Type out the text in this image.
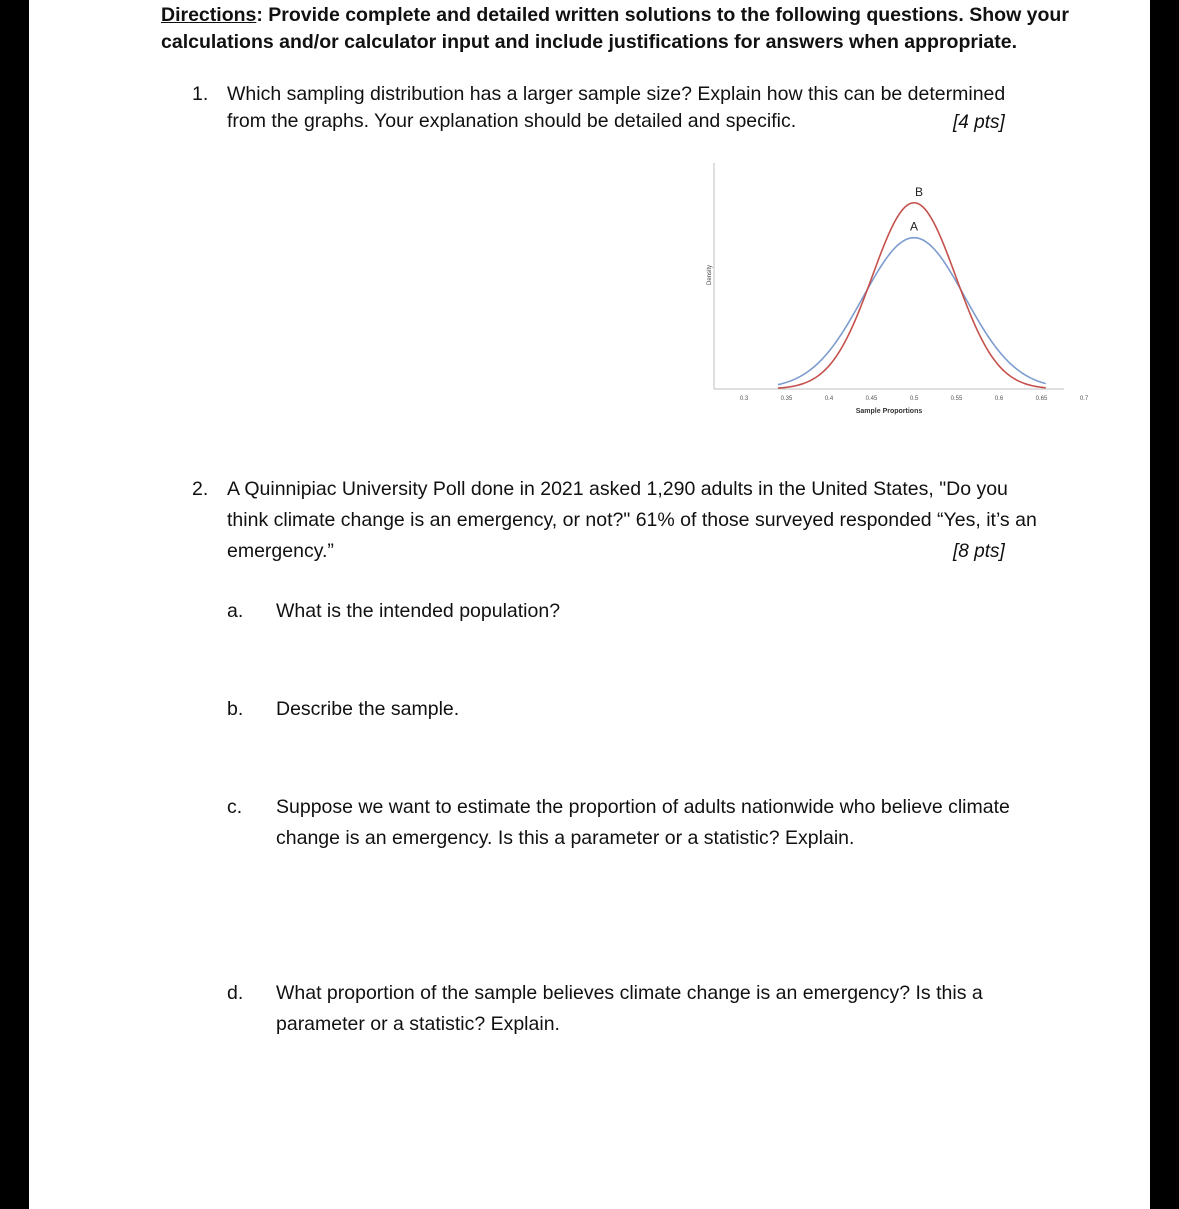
Directions: Provide complete and detailed written solutions to the following questions. Show your calculations and/or calculator input and include justifications for answers when appropriate.
1. Which sampling distribution has a larger sample size? Explain how this can be determined
from the graphs. Your explanation should be detailed and specific.	[4 pts]
Density
0.3	0.35	0.4	0.45	0.5	0.55	0.6	0.65	0.7
Sample Proportions
A
B
2. A Quinnipiac University Poll done in 2021 asked 1,290 adults in the United States, "Do you
think climate change is an emergency, or not?" 61% of those surveyed responded “Yes, it’s an
emergency.”	[8 pts]
a. What is the intended population?
b. Describe the sample.
c. Suppose we want to estimate the proportion of adults nationwide who believe climate
change is an emergency. Is this a parameter or a statistic? Explain.
d. What proportion of the sample believes climate change is an emergency? Is this a
parameter or a statistic? Explain.
